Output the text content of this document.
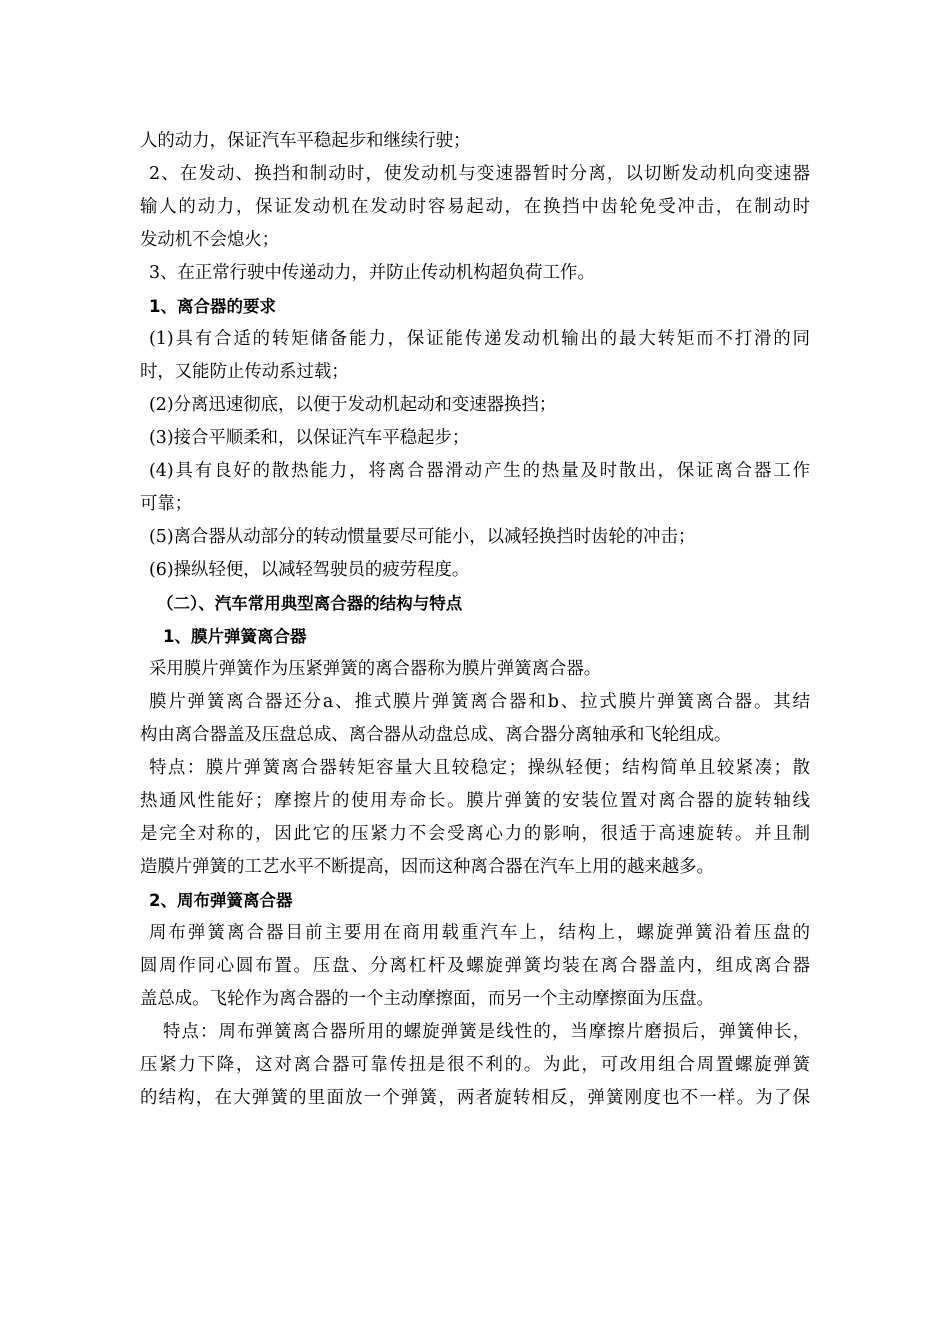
人的动力，保证汽车平稳起步和继续行驶；
2、在发动、换挡和制动时，使发动机与变速器暂时分离，以切断发动机向变速器
输人的动力，保证发动机在发动时容易起动，在换挡中齿轮免受冲击，在制动时
发动机不会熄火；
3、在正常行驶中传递动力，并防止传动机构超负荷工作。
1、离合器的要求
(1)具有合适的转矩储备能力，保证能传递发动机输出的最大转矩而不打滑的同
时，又能防止传动系过载；
(2)分离迅速彻底，以便于发动机起动和变速器换挡；
(3)接合平顺柔和，以保证汽车平稳起步；
(4)具有良好的散热能力，将离合器滑动产生的热量及时散出，保证离合器工作
可靠；
(5)离合器从动部分的转动惯量要尽可能小，以减轻换挡时齿轮的冲击；
(6)操纵轻便，以减轻驾驶员的疲劳程度。
（二）、汽车常用典型离合器的结构与特点
1、膜片弹簧离合器
采用膜片弹簧作为压紧弹簧的离合器称为膜片弹簧离合器。
膜片弹簧离合器还分a、推式膜片弹簧离合器和b、拉式膜片弹簧离合器。其结
构由离合器盖及压盘总成、离合器从动盘总成、离合器分离轴承和飞轮组成。
特点：膜片弹簧离合器转矩容量大且较稳定；操纵轻便；结构简单且较紧凑；散
热通风性能好；摩擦片的使用寿命长。膜片弹簧的安装位置对离合器的旋转轴线
是完全对称的，因此它的压紧力不会受离心力的影响，很适于高速旋转。并且制
造膜片弹簧的工艺水平不断提高，因而这种离合器在汽车上用的越来越多。
2、周布弹簧离合器
周布弹簧离合器目前主要用在商用载重汽车上，结构上，螺旋弹簧沿着压盘的
圆周作同心圆布置。压盘、分离杠杆及螺旋弹簧均装在离合器盖内，组成离合器
盖总成。飞轮作为离合器的一个主动摩擦面，而另一个主动摩擦面为压盘。
特点：周布弹簧离合器所用的螺旋弹簧是线性的，当摩擦片磨损后，弹簧伸长，
压紧力下降，这对离合器可靠传扭是很不利的。为此，可改用组合周置螺旋弹簧
的结构，在大弹簧的里面放一个弹簧，两者旋转相反，弹簧刚度也不一样。为了保
